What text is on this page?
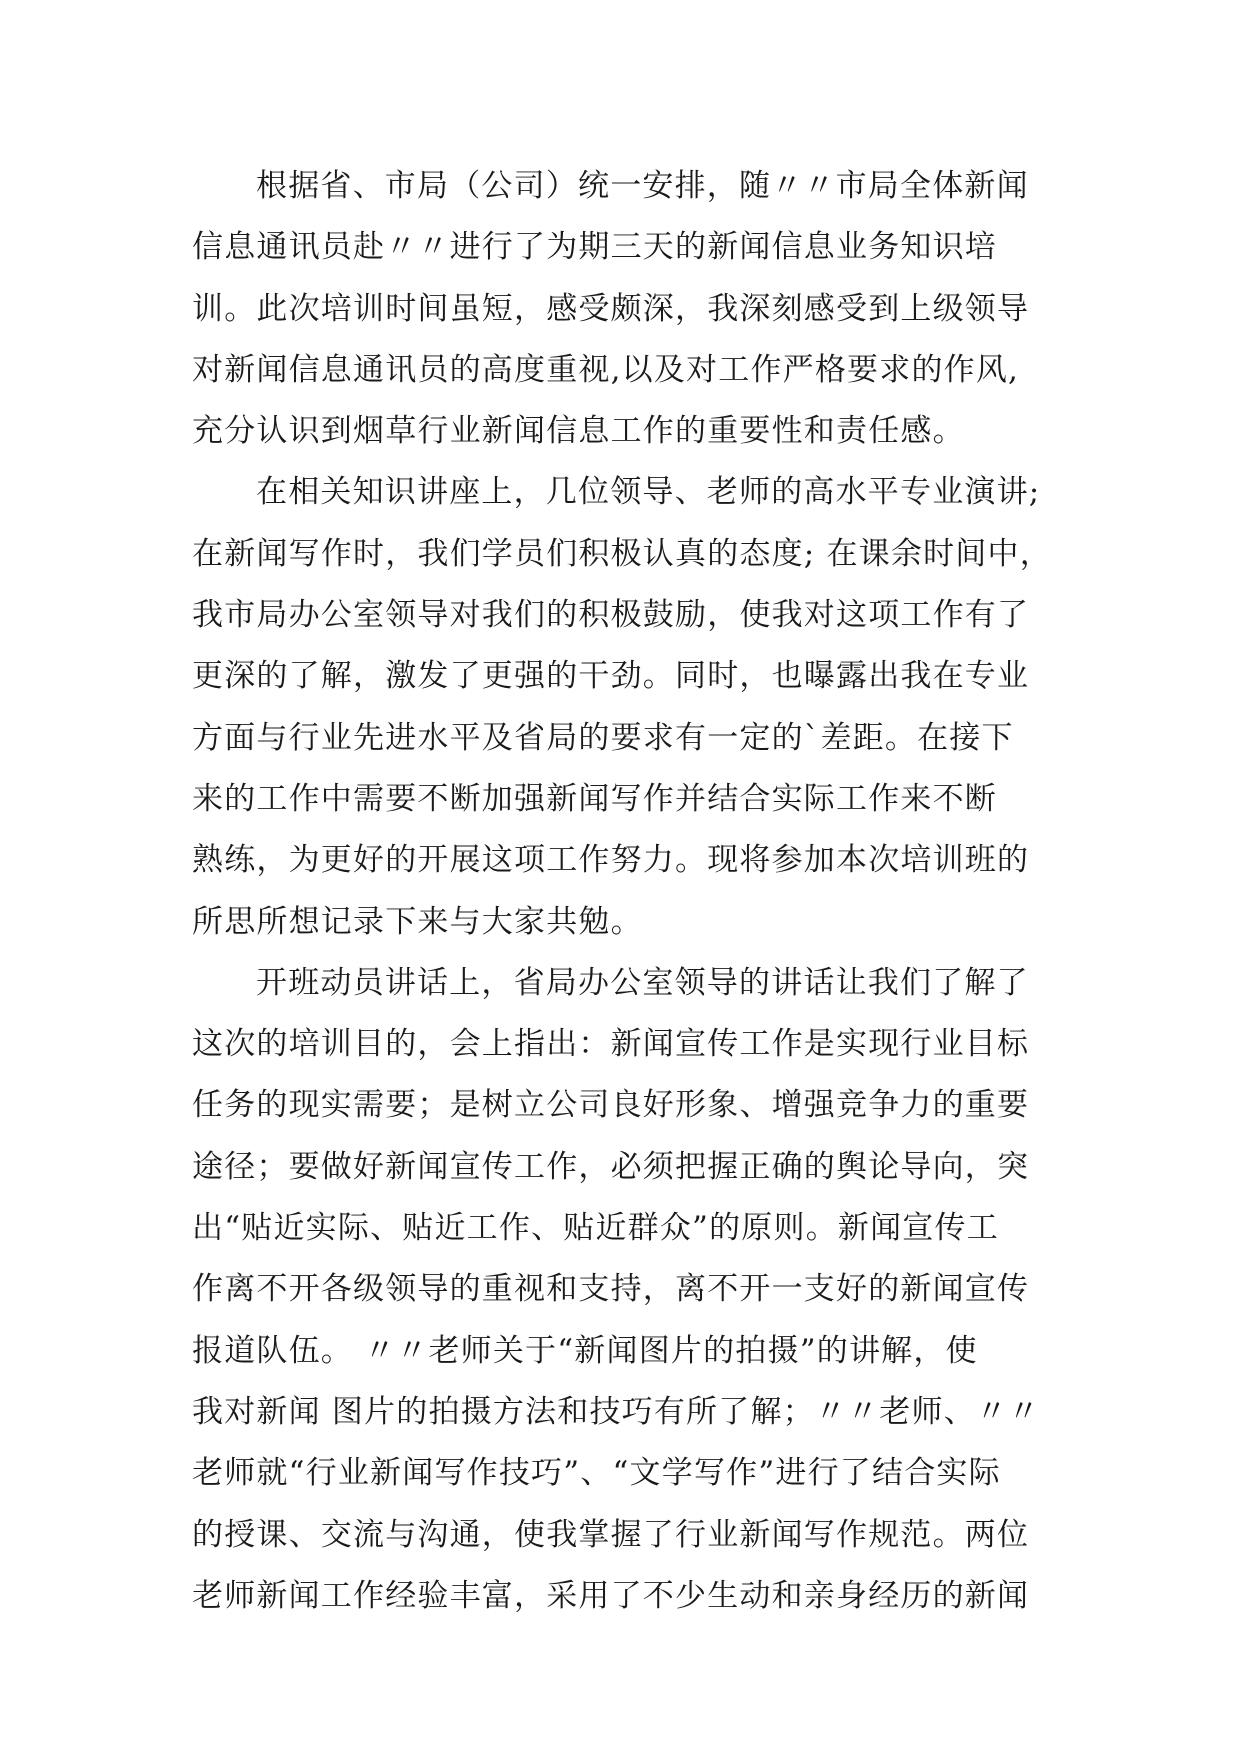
根据省、市局（公司）统一安排，随〃〃市局全体新闻
信息通讯员赴〃〃进行了为期三天的新闻信息业务知识培
训。此次培训时间虽短，感受颇深，我深刻感受到上级领导
对新闻信息通讯员的高度重视,以及对工作严格要求的作风,
充分认识到烟草行业新闻信息工作的重要性和责任感。
在相关知识讲座上，几位领导、老师的高水平专业演讲;
在新闻写作时，我们学员们积极认真的态度; 在课余时间中，
我市局办公室领导对我们的积极鼓励，使我对这项工作有了
更深的了解，激发了更强的干劲。同时，也曝露出我在专业
方面与行业先进水平及省局的要求有一定的`差距。在接下
来的工作中需要不断加强新闻写作并结合实际工作来不断
熟练，为更好的开展这项工作努力。现将参加本次培训班的
所思所想记录下来与大家共勉。
开班动员讲话上，省局办公室领导的讲话让我们了解了
这次的培训目的，会上指出：新闻宣传工作是实现行业目标
任务的现实需要；是树立公司良好形象、增强竞争力的重要
途径；要做好新闻宣传工作，必须把握正确的舆论导向，突
出“贴近实际、贴近工作、贴近群众”的原则。新闻宣传工
作离不开各级领导的重视和支持，离不开一支好的新闻宣传
报道队伍。 〃〃老师关于“新闻图片的拍摄”的讲解，使
我对新闻 图片的拍摄方法和技巧有所了解；〃〃老师、〃〃
老师就“行业新闻写作技巧”、“文学写作”进行了结合实际
的授课、交流与沟通，使我掌握了行业新闻写作规范。两位
老师新闻工作经验丰富，采用了不少生动和亲身经历的新闻
